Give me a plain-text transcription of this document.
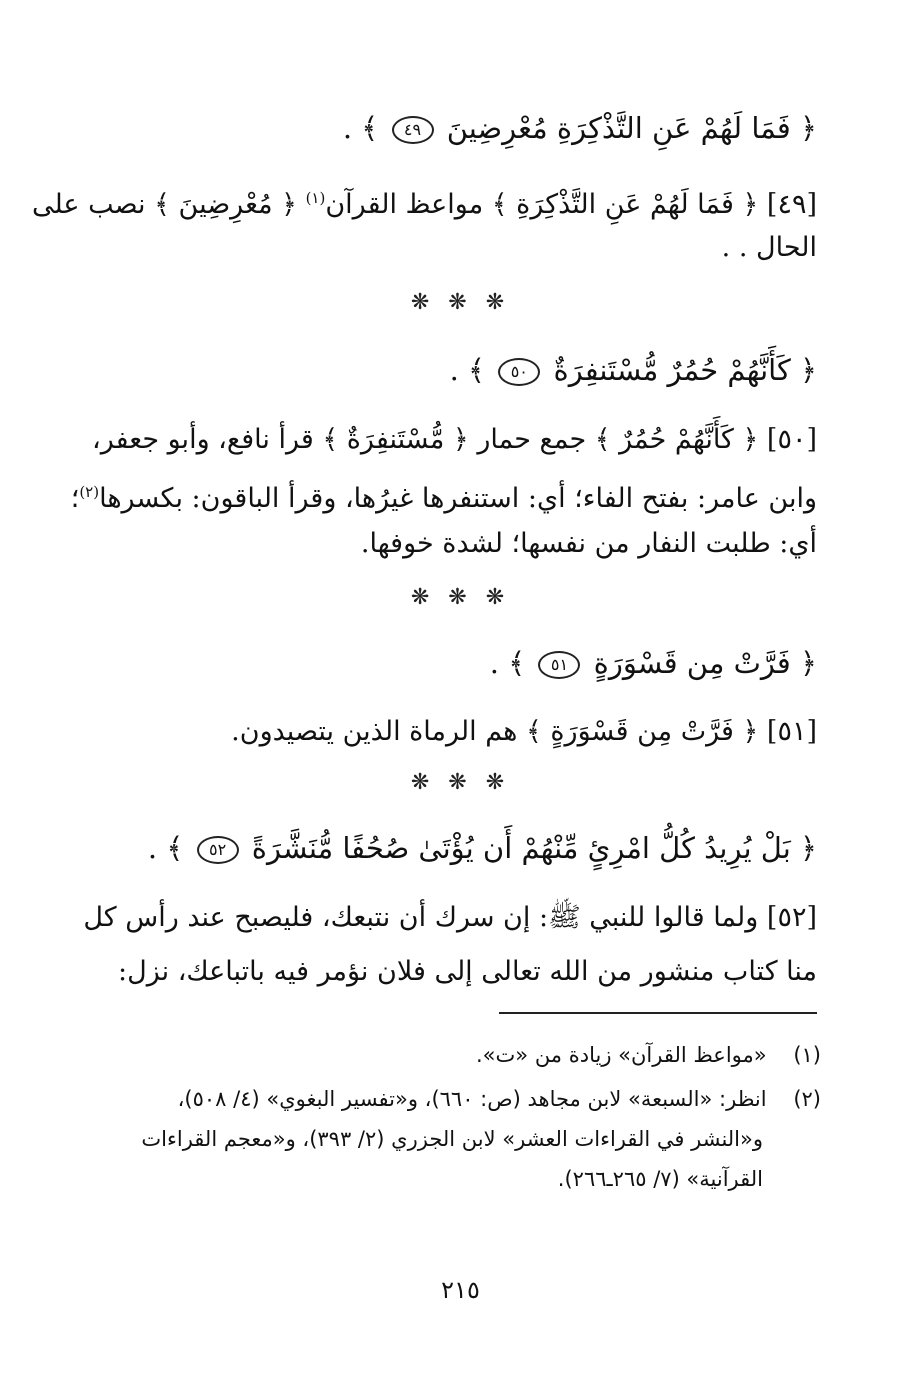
﴿ فَمَا لَهُمْ عَنِ التَّذْكِرَةِ مُعْرِضِينَ ٤٩ ﴾ .
[٤٩] ﴿ فَمَا لَهُمْ عَنِ التَّذْكِرَةِ ﴾ مواعظ القرآن$^{(١)}$ ﴿ مُعْرِضِينَ ﴾ نصب على
الحال . .
❋ ❋ ❋
﴿ كَأَنَّهُمْ حُمُرٌ مُّسْتَنفِرَةٌ ٥٠ ﴾ .
[٥٠] ﴿ كَأَنَّهُمْ حُمُرٌ ﴾ جمع حمار ﴿ مُّسْتَنفِرَةٌ ﴾ قرأ نافع، وأبو جعفر،
وابن عامر: بفتح الفاء؛ أي: استنفرها غيرُها، وقرأ الباقون: بكسرها$^{(٢)}$؛
أي: طلبت النفار من نفسها؛ لشدة خوفها.
❋ ❋ ❋
﴿ فَرَّتْ مِن قَسْوَرَةٍ ٥١ ﴾ .
[٥١] ﴿ فَرَّتْ مِن قَسْوَرَةٍ ﴾ هم الرماة الذين يتصيدون.
❋ ❋ ❋
﴿ بَلْ يُرِيدُ كُلُّ امْرِئٍ مِّنْهُمْ أَن يُؤْتَىٰ صُحُفًا مُّنَشَّرَةً ٥٢ ﴾ .
[٥٢] ولما قالوا للنبي ﷺ: إن سرك أن نتبعك، فليصبح عند رأس كل
منا كتاب منشور من الله تعالى إلى فلان نؤمر فيه باتباعك، نزل:
(١)    «مواعظ القرآن» زيادة من «ت».
(٢)    انظر: «السبعة» لابن مجاهد (ص: ٦٦٠)، و«تفسير البغوي» (٤/ ٥٠٨)،
و«النشر في القراءات العشر» لابن الجزري (٢/ ٣٩٣)، و«معجم القراءات
القرآنية» (٧/ ٢٦٥ـ٢٦٦).
٢١٥
